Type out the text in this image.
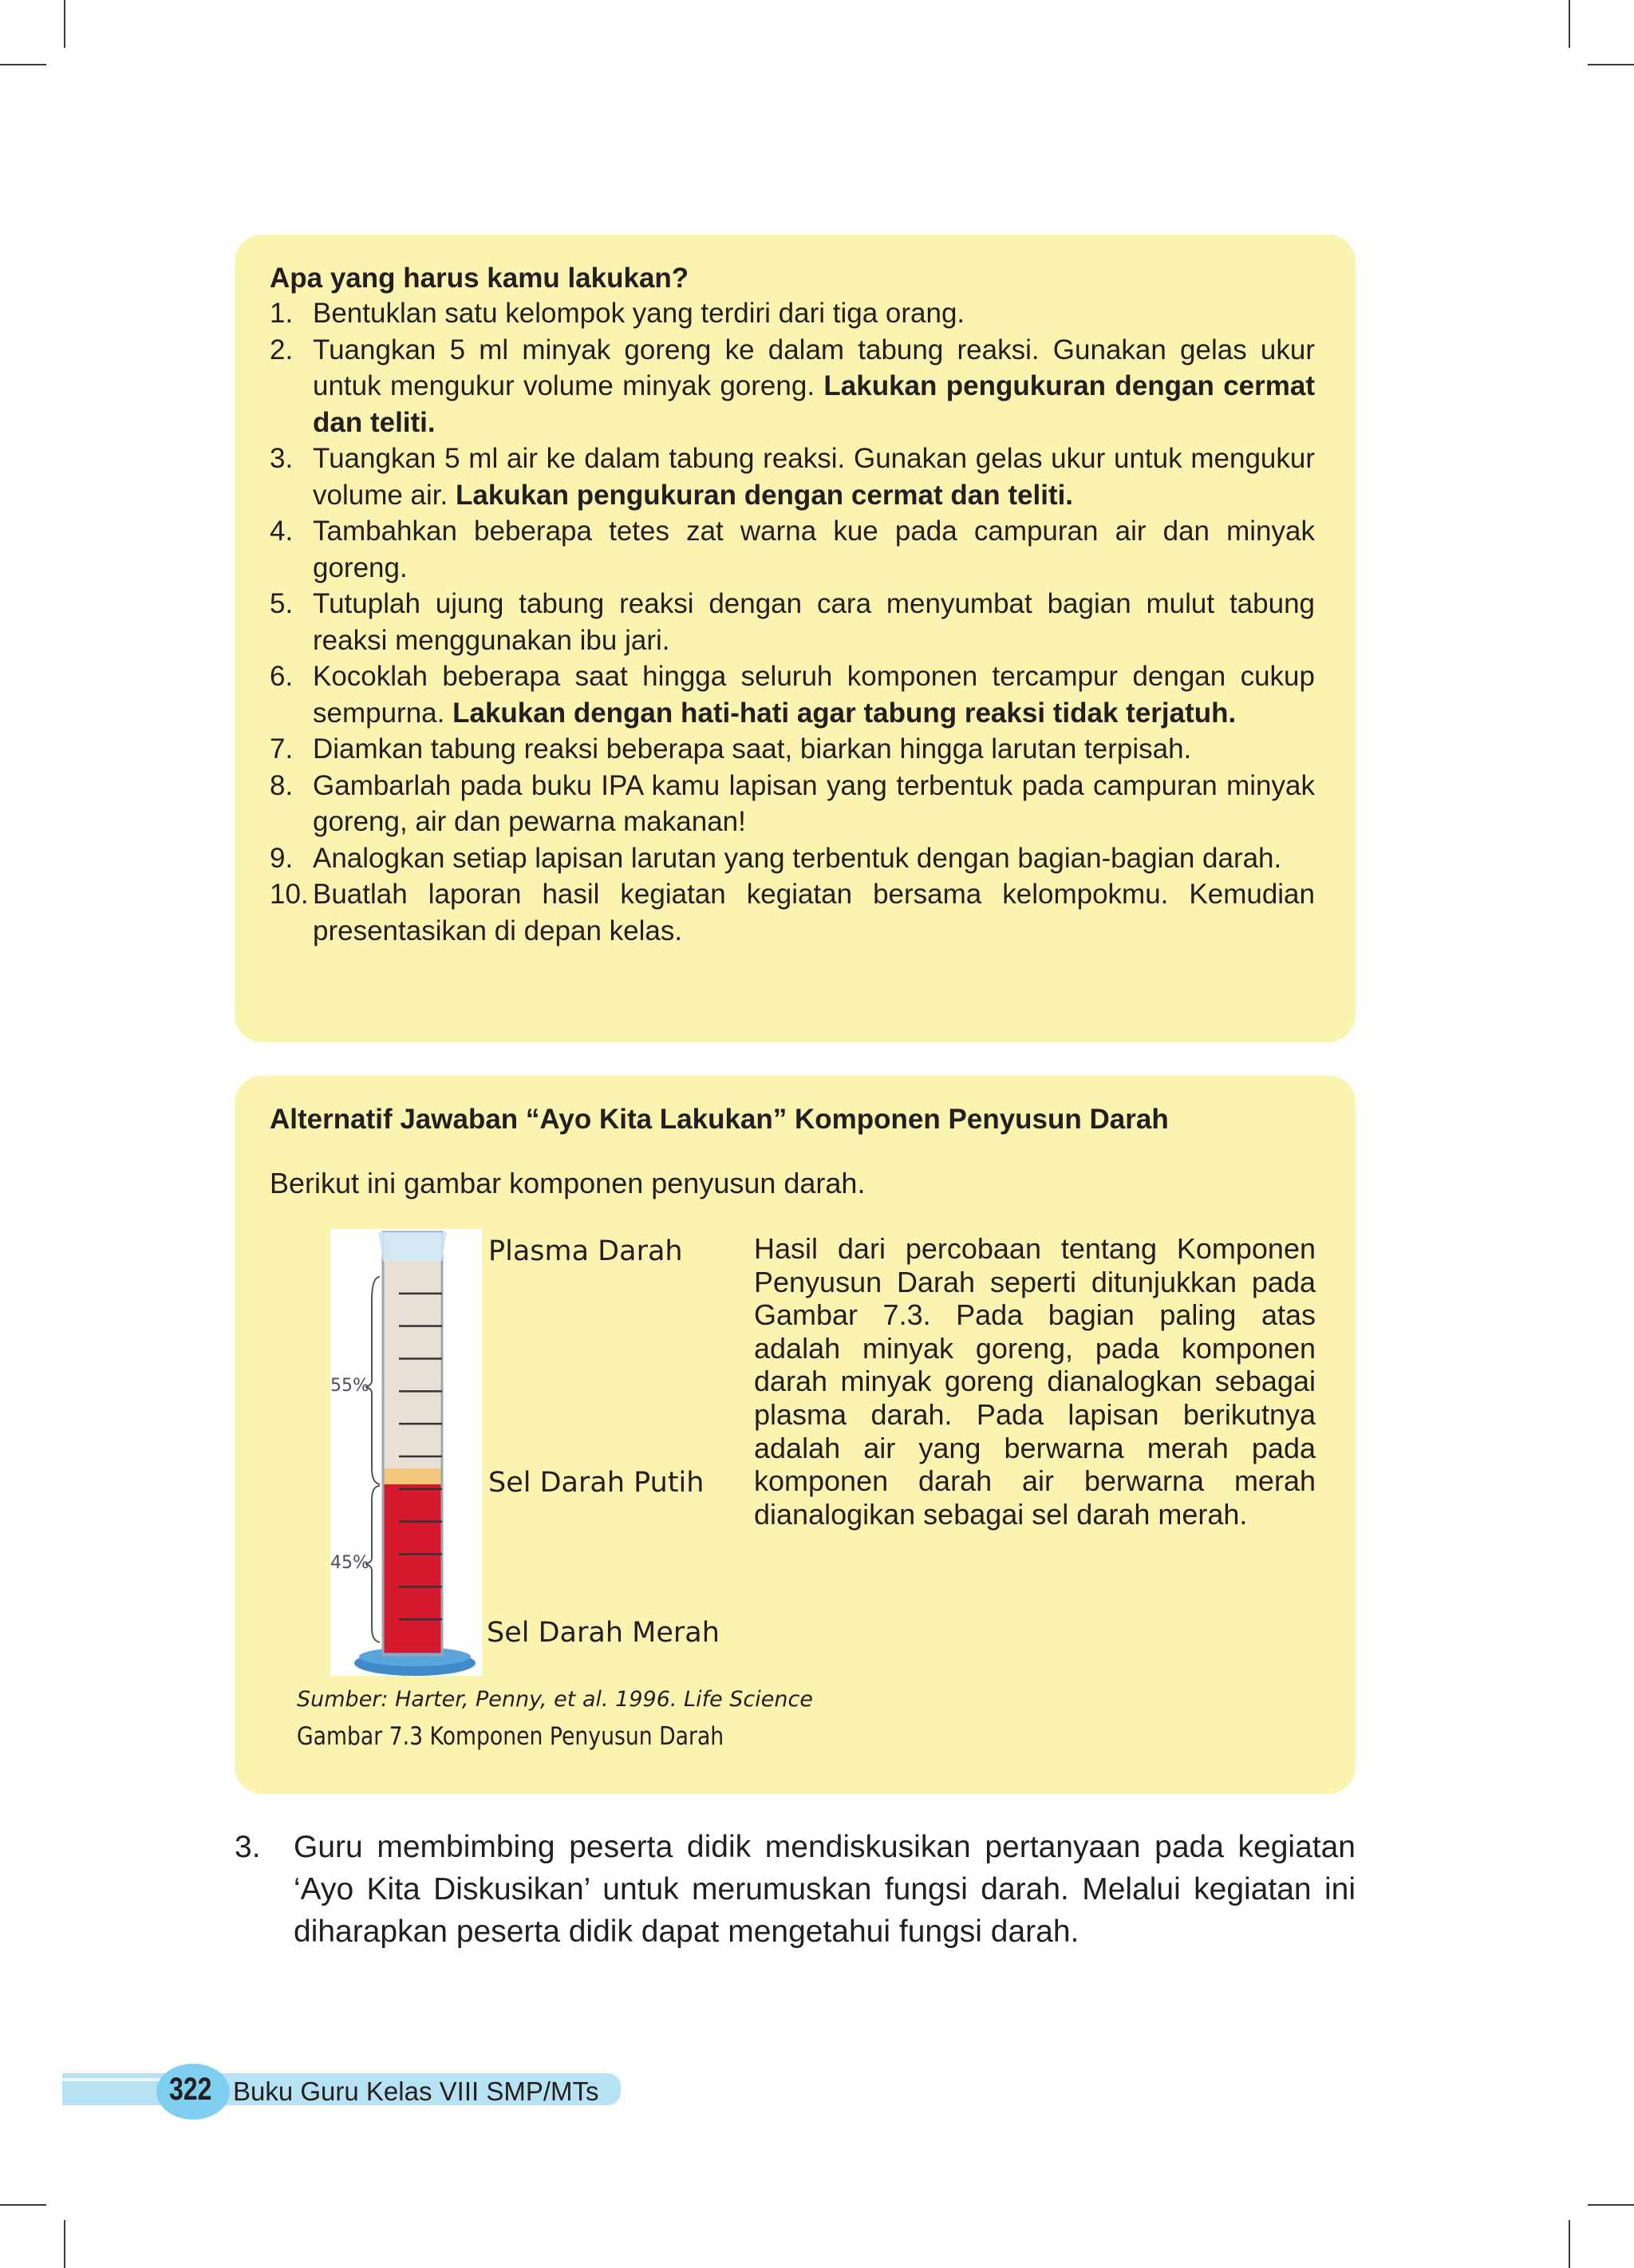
Apa yang harus kamu lakukan?
1. Bentuklan satu kelompok yang terdiri dari tiga orang.
2. Tuangkan 5 ml minyak goreng ke dalam tabung reaksi. Gunakan gelas ukur untuk mengukur volume minyak goreng. Lakukan pengukuran dengan cermat dan teliti.
3. Tuangkan 5 ml air ke dalam tabung reaksi. Gunakan gelas ukur untuk mengukur volume air. Lakukan pengukuran dengan cermat dan teliti.
4. Tambahkan beberapa tetes zat warna kue pada campuran air dan minyak goreng.
5. Tutuplah ujung tabung reaksi dengan cara menyumbat bagian mulut tabung reaksi menggunakan ibu jari.
6. Kocoklah beberapa saat hingga seluruh komponen tercampur dengan cukup sempurna. Lakukan dengan hati-hati agar tabung reaksi tidak terjatuh.
7. Diamkan tabung reaksi beberapa saat, biarkan hingga larutan terpisah.
8. Gambarlah pada buku IPA kamu lapisan yang terbentuk pada campuran minyak goreng, air dan pewarna makanan!
9. Analogkan setiap lapisan larutan yang terbentuk dengan bagian-bagian darah.
10. Buatlah laporan hasil kegiatan kegiatan bersama kelompokmu. Kemudian presentasikan di depan kelas.
Alternatif Jawaban “Ayo Kita Lakukan” Komponen Penyusun Darah
Berikut ini gambar komponen penyusun darah.
55%
45%
Plasma Darah
Sel Darah Putih
Sel Darah Merah
Hasil dari percobaan tentang Komponen Penyusun Darah seperti ditunjukkan pada Gambar 7.3. Pada bagian paling atas adalah minyak goreng, pada komponen darah minyak goreng dianalogkan sebagai plasma darah. Pada lapisan berikutnya adalah air yang berwarna merah pada komponen darah air berwarna merah dianalogikan sebagai sel darah merah.
Sumber: Harter, Penny, et al. 1996. Life Science
Gambar 7.3 Komponen Penyusun Darah
3. Guru membimbing peserta didik mendiskusikan pertanyaan pada kegiatan ‘Ayo Kita Diskusikan’ untuk merumuskan fungsi darah. Melalui kegiatan ini diharapkan peserta didik dapat mengetahui fungsi darah.
322 Buku Guru Kelas VIII SMP/MTs
